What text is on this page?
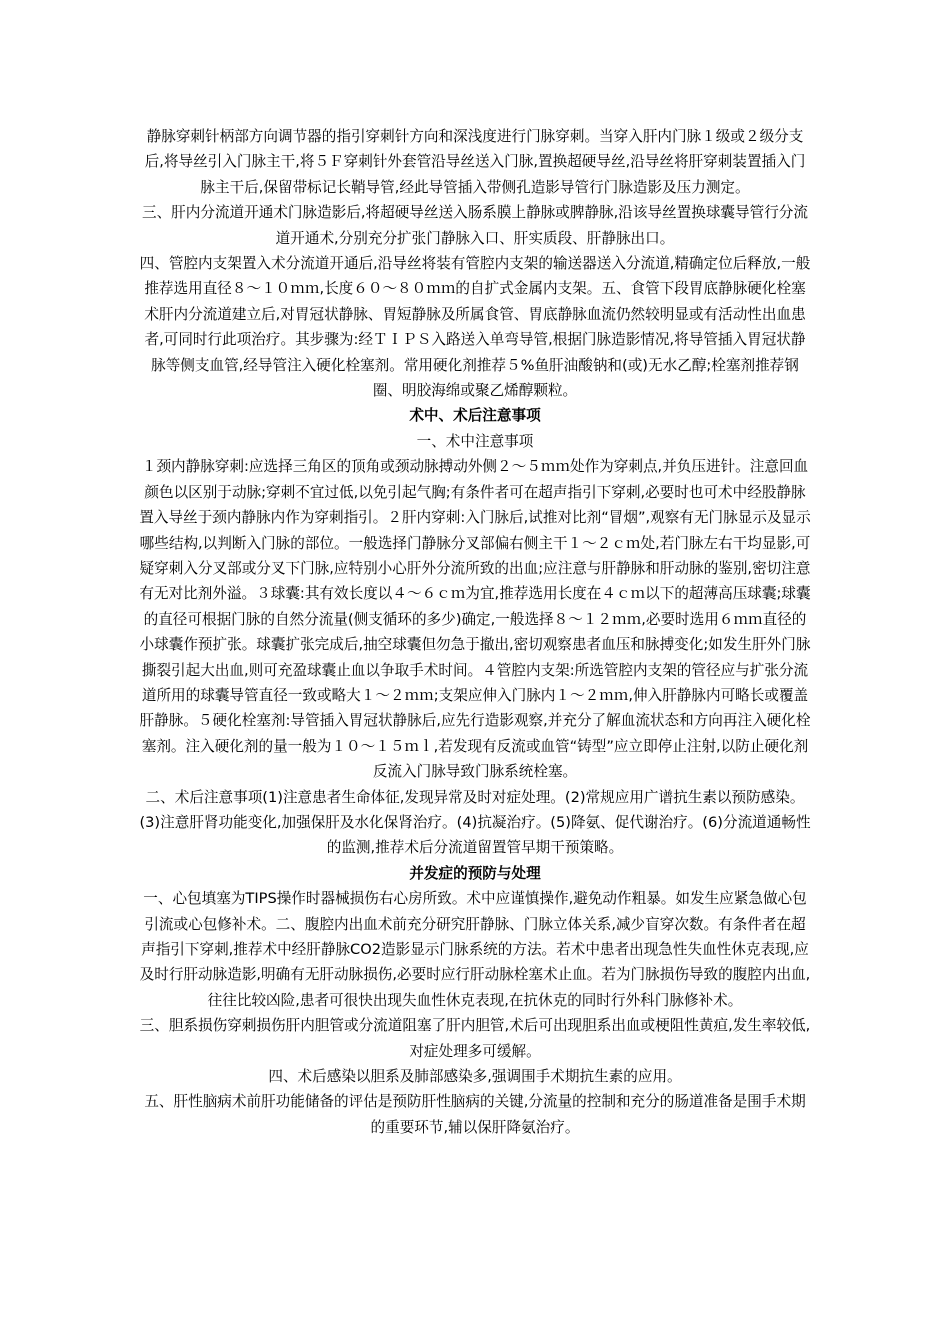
静脉穿刺针柄部方向调节器的指引穿刺针方向和深浅度进行门脉穿刺。当穿入肝内门脉１级或２级分支后,将导丝引入门脉主干,将５Ｆ穿刺针外套管沿导丝送入门脉,置换超硬导丝,沿导丝将肝穿刺装置插入门脉主干后,保留带标记长鞘导管,经此导管插入带侧孔造影导管行门脉造影及压力测定。

三、肝内分流道开通术门脉造影后,将超硬导丝送入肠系膜上静脉或脾静脉,沿该导丝置换球囊导管行分流道开通术,分别充分扩张门静脉入口、肝实质段、肝静脉出口。

四、管腔内支架置入术分流道开通后,沿导丝将装有管腔内支架的输送器送入分流道,精确定位后释放,一般推荐选用直径８～１０ｍｍ,长度６０～８０ｍｍ的自扩式金属内支架。五、食管下段胃底静脉硬化栓塞术肝内分流道建立后,对胃冠状静脉、胃短静脉及所属食管、胃底静脉血流仍然较明显或有活动性出血患者,可同时行此项治疗。其步骤为:经ＴＩＰＳ入路送入单弯导管,根据门脉造影情况,将导管插入胃冠状静脉等侧支血管,经导管注入硬化栓塞剂。常用硬化剂推荐５%鱼肝油酸钠和(或)无水乙醇;栓塞剂推荐钢圈、明胶海绵或聚乙烯醇颗粒。

术中、术后注意事项

一、术中注意事项

１颈内静脉穿刺:应选择三角区的顶角或颈动脉搏动外侧２～５ｍｍ处作为穿刺点,并负压进针。注意回血颜色以区别于动脉;穿刺不宜过低,以免引起气胸;有条件者可在超声指引下穿刺,必要时也可术中经股静脉置入导丝于颈内静脉内作为穿刺指引。２肝内穿刺:入门脉后,试推对比剂“冒烟”,观察有无门脉显示及显示哪些结构,以判断入门脉的部位。一般选择门静脉分叉部偏右侧主干１～２ｃｍ处,若门脉左右干均显影,可疑穿刺入分叉部或分叉下门脉,应特别小心肝外分流所致的出血;应注意与肝静脉和肝动脉的鉴别,密切注意有无对比剂外溢。３球囊:其有效长度以４～６ｃｍ为宜,推荐选用长度在４ｃｍ以下的超薄高压球囊;球囊的直径可根据门脉的自然分流量(侧支循环的多少)确定,一般选择８～１２ｍｍ,必要时选用６ｍｍ直径的小球囊作预扩张。球囊扩张完成后,抽空球囊但勿急于撤出,密切观察患者血压和脉搏变化;如发生肝外门脉撕裂引起大出血,则可充盈球囊止血以争取手术时间。４管腔内支架:所选管腔内支架的管径应与扩张分流道所用的球囊导管直径一致或略大１～２ｍｍ;支架应伸入门脉内１～２ｍｍ,伸入肝静脉内可略长或覆盖肝静脉。５硬化栓塞剂:导管插入胃冠状静脉后,应先行造影观察,并充分了解血流状态和方向再注入硬化栓塞剂。注入硬化剂的量一般为１０～１５ｍｌ,若发现有反流或血管“铸型”应立即停止注射,以防止硬化剂反流入门脉导致门脉系统栓塞。

二、术后注意事项(1)注意患者生命体征,发现异常及时对症处理。(2)常规应用广谱抗生素以预防感染。(3)注意肝肾功能变化,加强保肝及水化保肾治疗。(4)抗凝治疗。(5)降氨、促代谢治疗。(6)分流道通畅性的监测,推荐术后分流道留置管早期干预策略。

并发症的预防与处理

一、心包填塞为TIPS操作时器械损伤右心房所致。术中应谨慎操作,避免动作粗暴。如发生应紧急做心包引流或心包修补术。二、腹腔内出血术前充分研究肝静脉、门脉立体关系,减少盲穿次数。有条件者在超声指引下穿刺,推荐术中经肝静脉CO2造影显示门脉系统的方法。若术中患者出现急性失血性休克表现,应及时行肝动脉造影,明确有无肝动脉损伤,必要时应行肝动脉栓塞术止血。若为门脉损伤导致的腹腔内出血,往往比较凶险,患者可很快出现失血性休克表现,在抗休克的同时行外科门脉修补术。

三、胆系损伤穿刺损伤肝内胆管或分流道阻塞了肝内胆管,术后可出现胆系出血或梗阻性黄疸,发生率较低,对症处理多可缓解。

四、术后感染以胆系及肺部感染多,强调围手术期抗生素的应用。

五、肝性脑病术前肝功能储备的评估是预防肝性脑病的关键,分流量的控制和充分的肠道准备是围手术期的重要环节,辅以保肝降氨治疗。
